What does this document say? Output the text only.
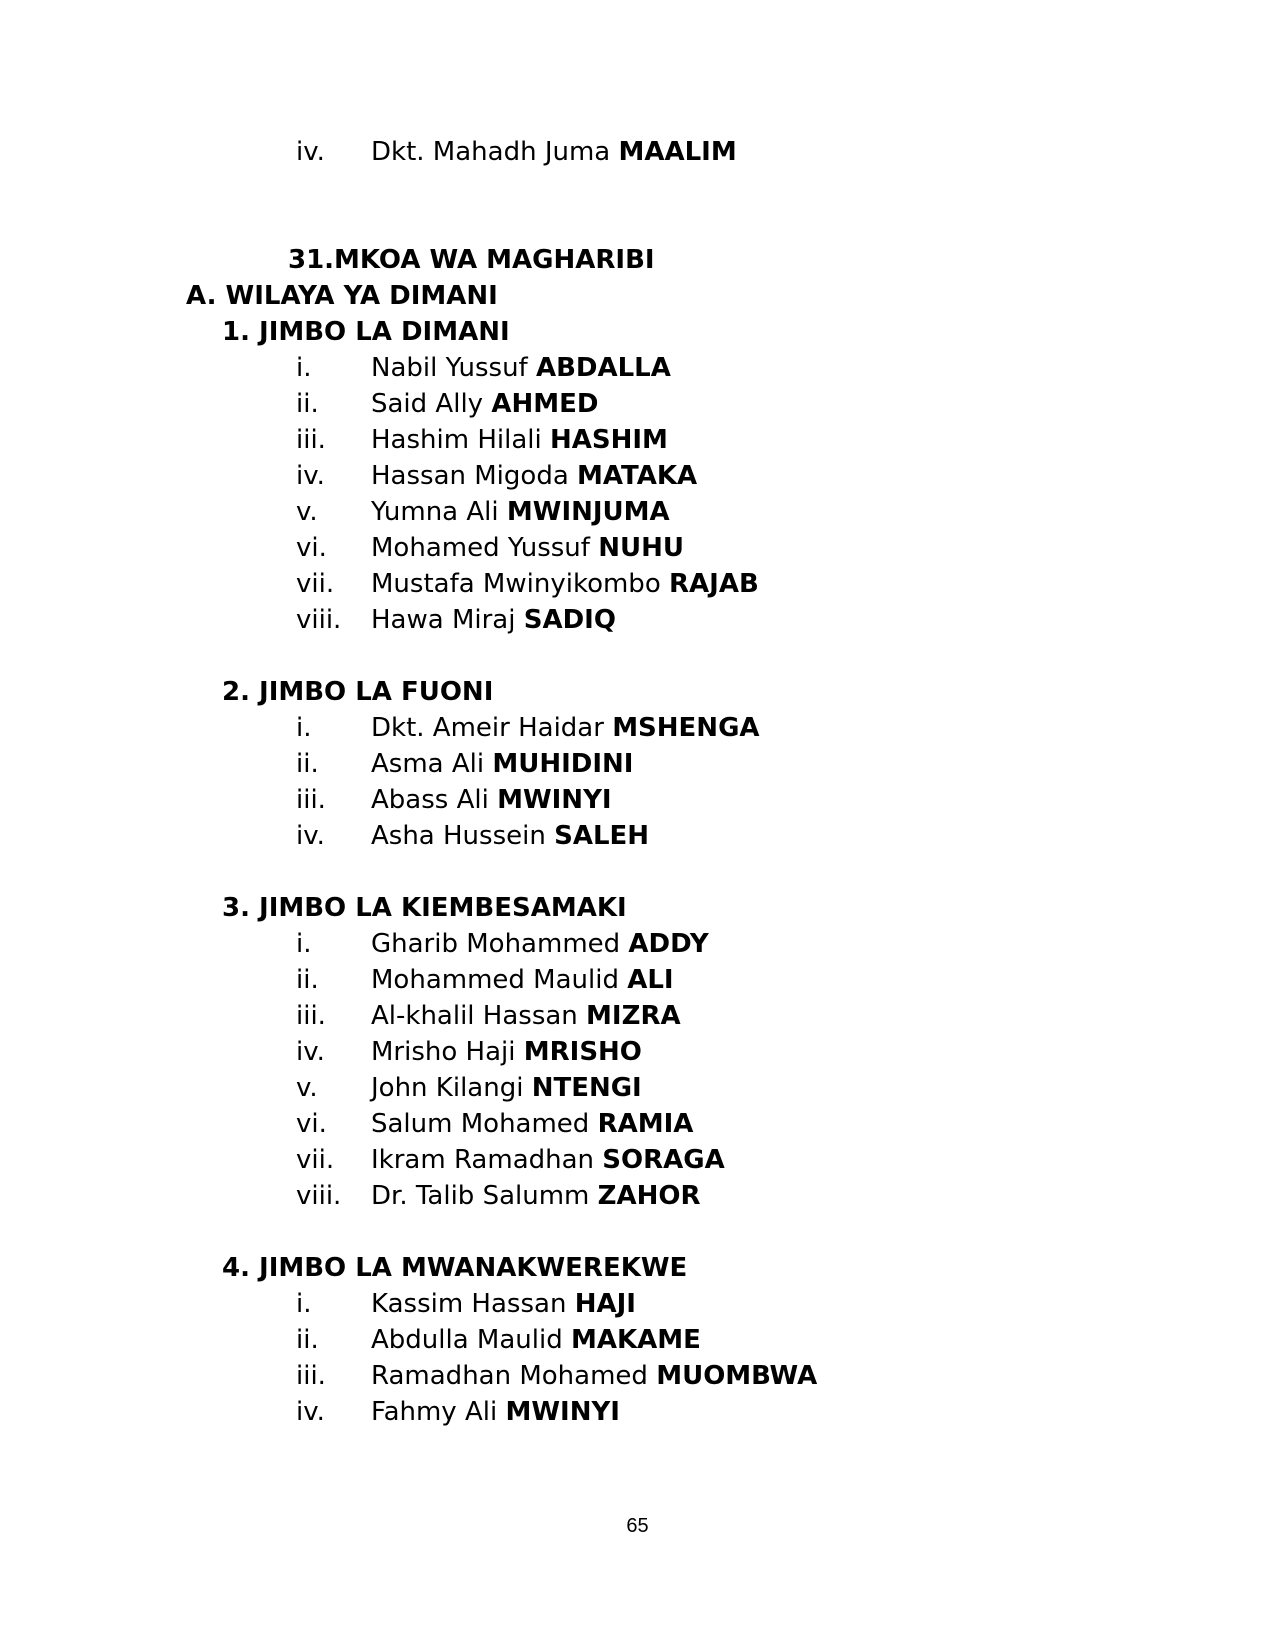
iv. Dkt. Mahadh Juma MAALIM
31.MKOA WA MAGHARIBI
A. WILAYA YA DIMANI
1. JIMBO LA DIMANI
i. Nabil Yussuf ABDALLA
ii. Said Ally AHMED
iii. Hashim Hilali HASHIM
iv. Hassan Migoda MATAKA
v. Yumna Ali MWINJUMA
vi. Mohamed Yussuf NUHU
vii. Mustafa Mwinyikombo RAJAB
viii. Hawa Miraj SADIQ
2. JIMBO LA FUONI
i. Dkt. Ameir Haidar MSHENGA
ii. Asma Ali MUHIDINI
iii. Abass Ali MWINYI
iv. Asha Hussein SALEH
3. JIMBO LA KIEMBESAMAKI
i. Gharib Mohammed ADDY
ii. Mohammed Maulid ALI
iii. Al-khalil Hassan MIZRA
iv. Mrisho Haji MRISHO
v. John Kilangi NTENGI
vi. Salum Mohamed RAMIA
vii. Ikram Ramadhan SORAGA
viii. Dr. Talib Salumm ZAHOR
4. JIMBO LA MWANAKWEREKWE
i. Kassim Hassan HAJI
ii. Abdulla Maulid MAKAME
iii. Ramadhan Mohamed MUOMBWA
iv. Fahmy Ali MWINYI
65
